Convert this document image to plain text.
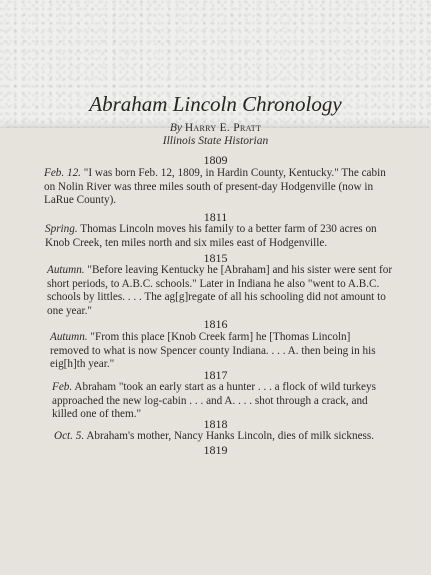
Abraham Lincoln Chronology
By Harry E. Pratt
Illinois State Historian
1809

Feb. 12. "I was born Feb. 12, 1809, in Hardin County, Kentucky." The cabin on Nolin River was three miles south of present-day Hodgenville (now in LaRue County).

1811

Spring. Thomas Lincoln moves his family to a better farm of 230 acres on Knob Creek, ten miles north and six miles east of Hodgenville.

1815

Autumn. "Before leaving Kentucky he [Abraham] and his sister were sent for short periods, to A.B.C. schools." Later in Indiana he also "went to A.B.C. schools by littles. . . . The ag[g]regate of all his schooling did not amount to one year."

1816

Autumn. "From this place [Knob Creek farm] he [Thomas Lincoln] removed to what is now Spencer county Indiana. . . . A. then being in his eig[h]th year."

1817

Feb. Abraham "took an early start as a hunter . . . a flock of wild turkeys approached the new log-cabin . . . and A. . . . shot through a crack, and killed one of them."

1818

Oct. 5. Abraham's mother, Nancy Hanks Lincoln, dies of milk sickness.

1819
